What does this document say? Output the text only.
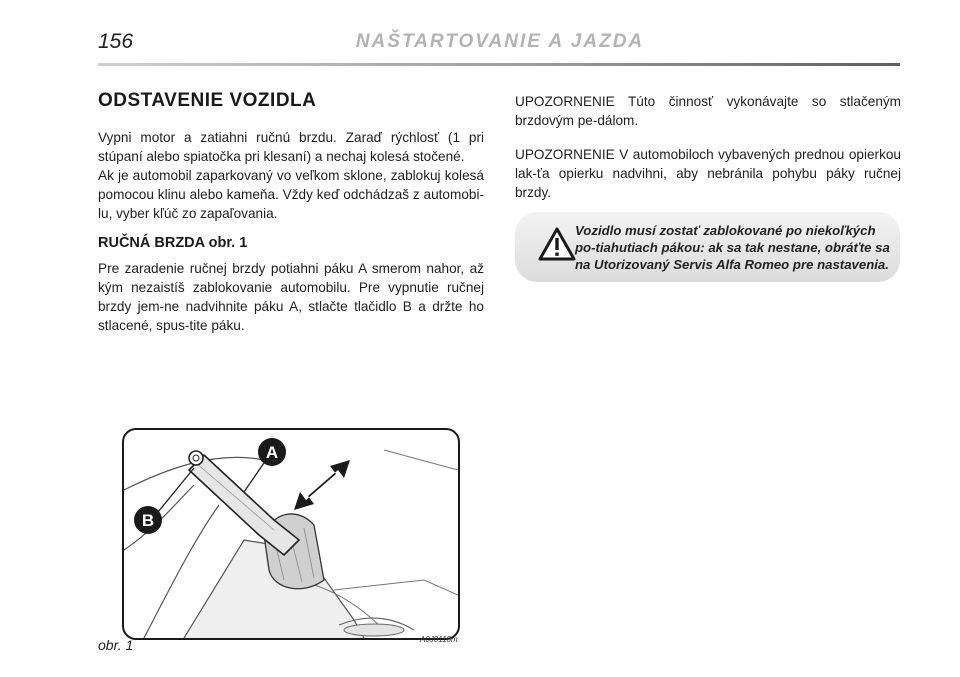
156	NAŠTARTOVANIE A JAZDA
ODSTAVENIE VOZIDLA

Vypni motor a zatiahni ručnú brzdu. Zaraď rýchlosť (1 pri stúpaní alebo spiatočka pri klesaní) a nechaj kolesá stočené.

Ak je automobil zaparkovaný vo veľkom sklone, zablokuj kolesá pomocou klinu alebo kameňa. Vždy keď odchádzaš z automobi-lu, vyber kľúč zo zapaľovania.

RUČNÁ BRZDA obr. 1

Pre zaradenie ručnej brzdy potiahni páku A smerom nahor, až kým nezaistíš zablokovanie automobilu. Pre vypnutie ručnej brzdy jem-ne nadvihnite páku A, stlačte tlačidlo B a držte ho stlacené, spus-tite páku.

UPOZORNENIE Túto činnosť vykonávajte so stlačeným brzdovým pe-dálom.

UPOZORNENIE V automobiloch vybavených prednou opierkou lak-ťa opierku nadvihni, aby nebránila pohybu páky ručnej brzdy.

Vozidlo musí zostať zablokované po niekoľkých po-tiahutiach pákou: ak sa tak nestane, obráťte sa na Utorizovaný Servis Alfa Romeo pre nastavenia.
A
B
A0J0110m
obr. 1
